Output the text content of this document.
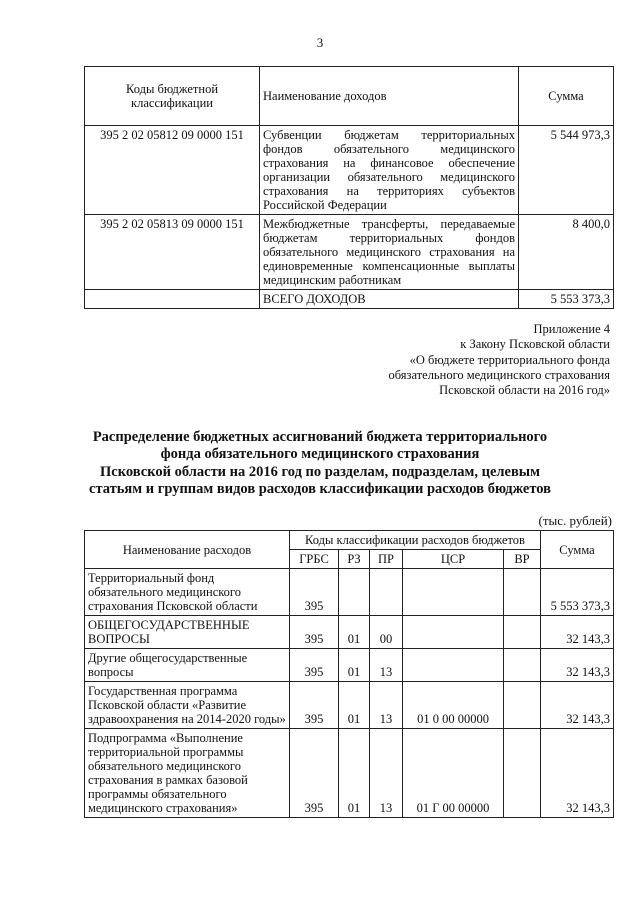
3
Коды бюджетной классификации	Наименование доходов	Сумма
395 2 02 05812 09 0000 151	Субвенции бюджетам территориальных фондов обязательного медицинского страхования на финансовое обеспечение организации обязательного медицинского страхования на территориях субъектов Российской Федерации	5 544 973,3
395 2 02 05813 09 0000 151	Межбюджетные трансферты, передаваемые бюджетам территориальных фондов обязательного медицинского страхования на единовременные компенсационные выплаты медицинским работникам	8 400,0
	ВСЕГО ДОХОДОВ	5 553 373,3
Приложение 4
к Закону Псковской области
«О бюджете территориального фонда
обязательного медицинского страхования
Псковской области на 2016 год»
Распределение бюджетных ассигнований бюджета территориального
фонда обязательного медицинского страхования
Псковской области на 2016 год по разделам, подразделам, целевым
статьям и группам видов расходов классификации расходов бюджетов
(тыс. рублей)
Наименование расходов	Коды классификации расходов бюджетов					Сумма
	ГРБС	РЗ	ПР	ЦСР	ВР	
Территориальный фонд обязательного медицинского страхования Псковской области	395					5 553 373,3
ОБЩЕГОСУДАРСТВЕННЫЕ ВОПРОСЫ	395	01	00			32 143,3
Другие общегосударственные вопросы	395	01	13			32 143,3
Государственная программа Псковской области «Развитие здравоохранения на 2014-2020 годы»	395	01	13	01 0 00 00000		32 143,3
Подпрограмма «Выполнение территориальной программы обязательного медицинского страхования в рамках базовой программы обязательного медицинского страхования»	395	01	13	01 Г 00 00000		32 143,3
